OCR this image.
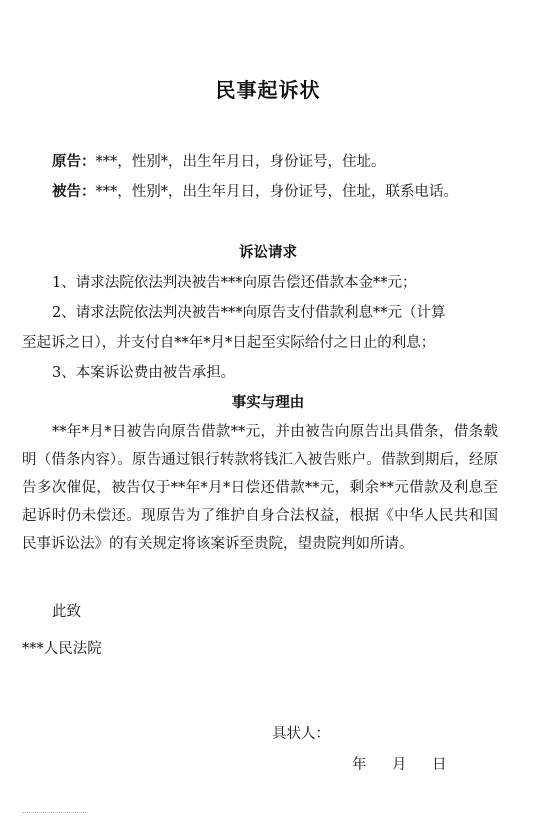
民事起诉状
原告：***，性别*，出生年月日，身份证号，住址。
被告：***，性别*，出生年月日，身份证号，住址，联系电话。
诉讼请求
1、请求法院依法判决被告***向原告偿还借款本金**元；
2、请求法院依法判决被告***向原告支付借款利息**元（计算
至起诉之日），并支付自**年*月*日起至实际给付之日止的利息；
3、本案诉讼费由被告承担。
事实与理由
**年*月*日被告向原告借款**元，并由被告向原告出具借条，借条载明（借条内容）。原告通过银行转款将钱汇入被告账户。借款到期后，经原告多次催促，被告仅于**年*月*日偿还借款**元，剩余**元借款及利息至起诉时仍未偿还。现原告为了维护自身合法权益，根据《中华人民共和国民事诉讼法》的有关规定将该案诉至贵院，望贵院判如所请。
此致
***人民法院
具状人：
年 月 日
